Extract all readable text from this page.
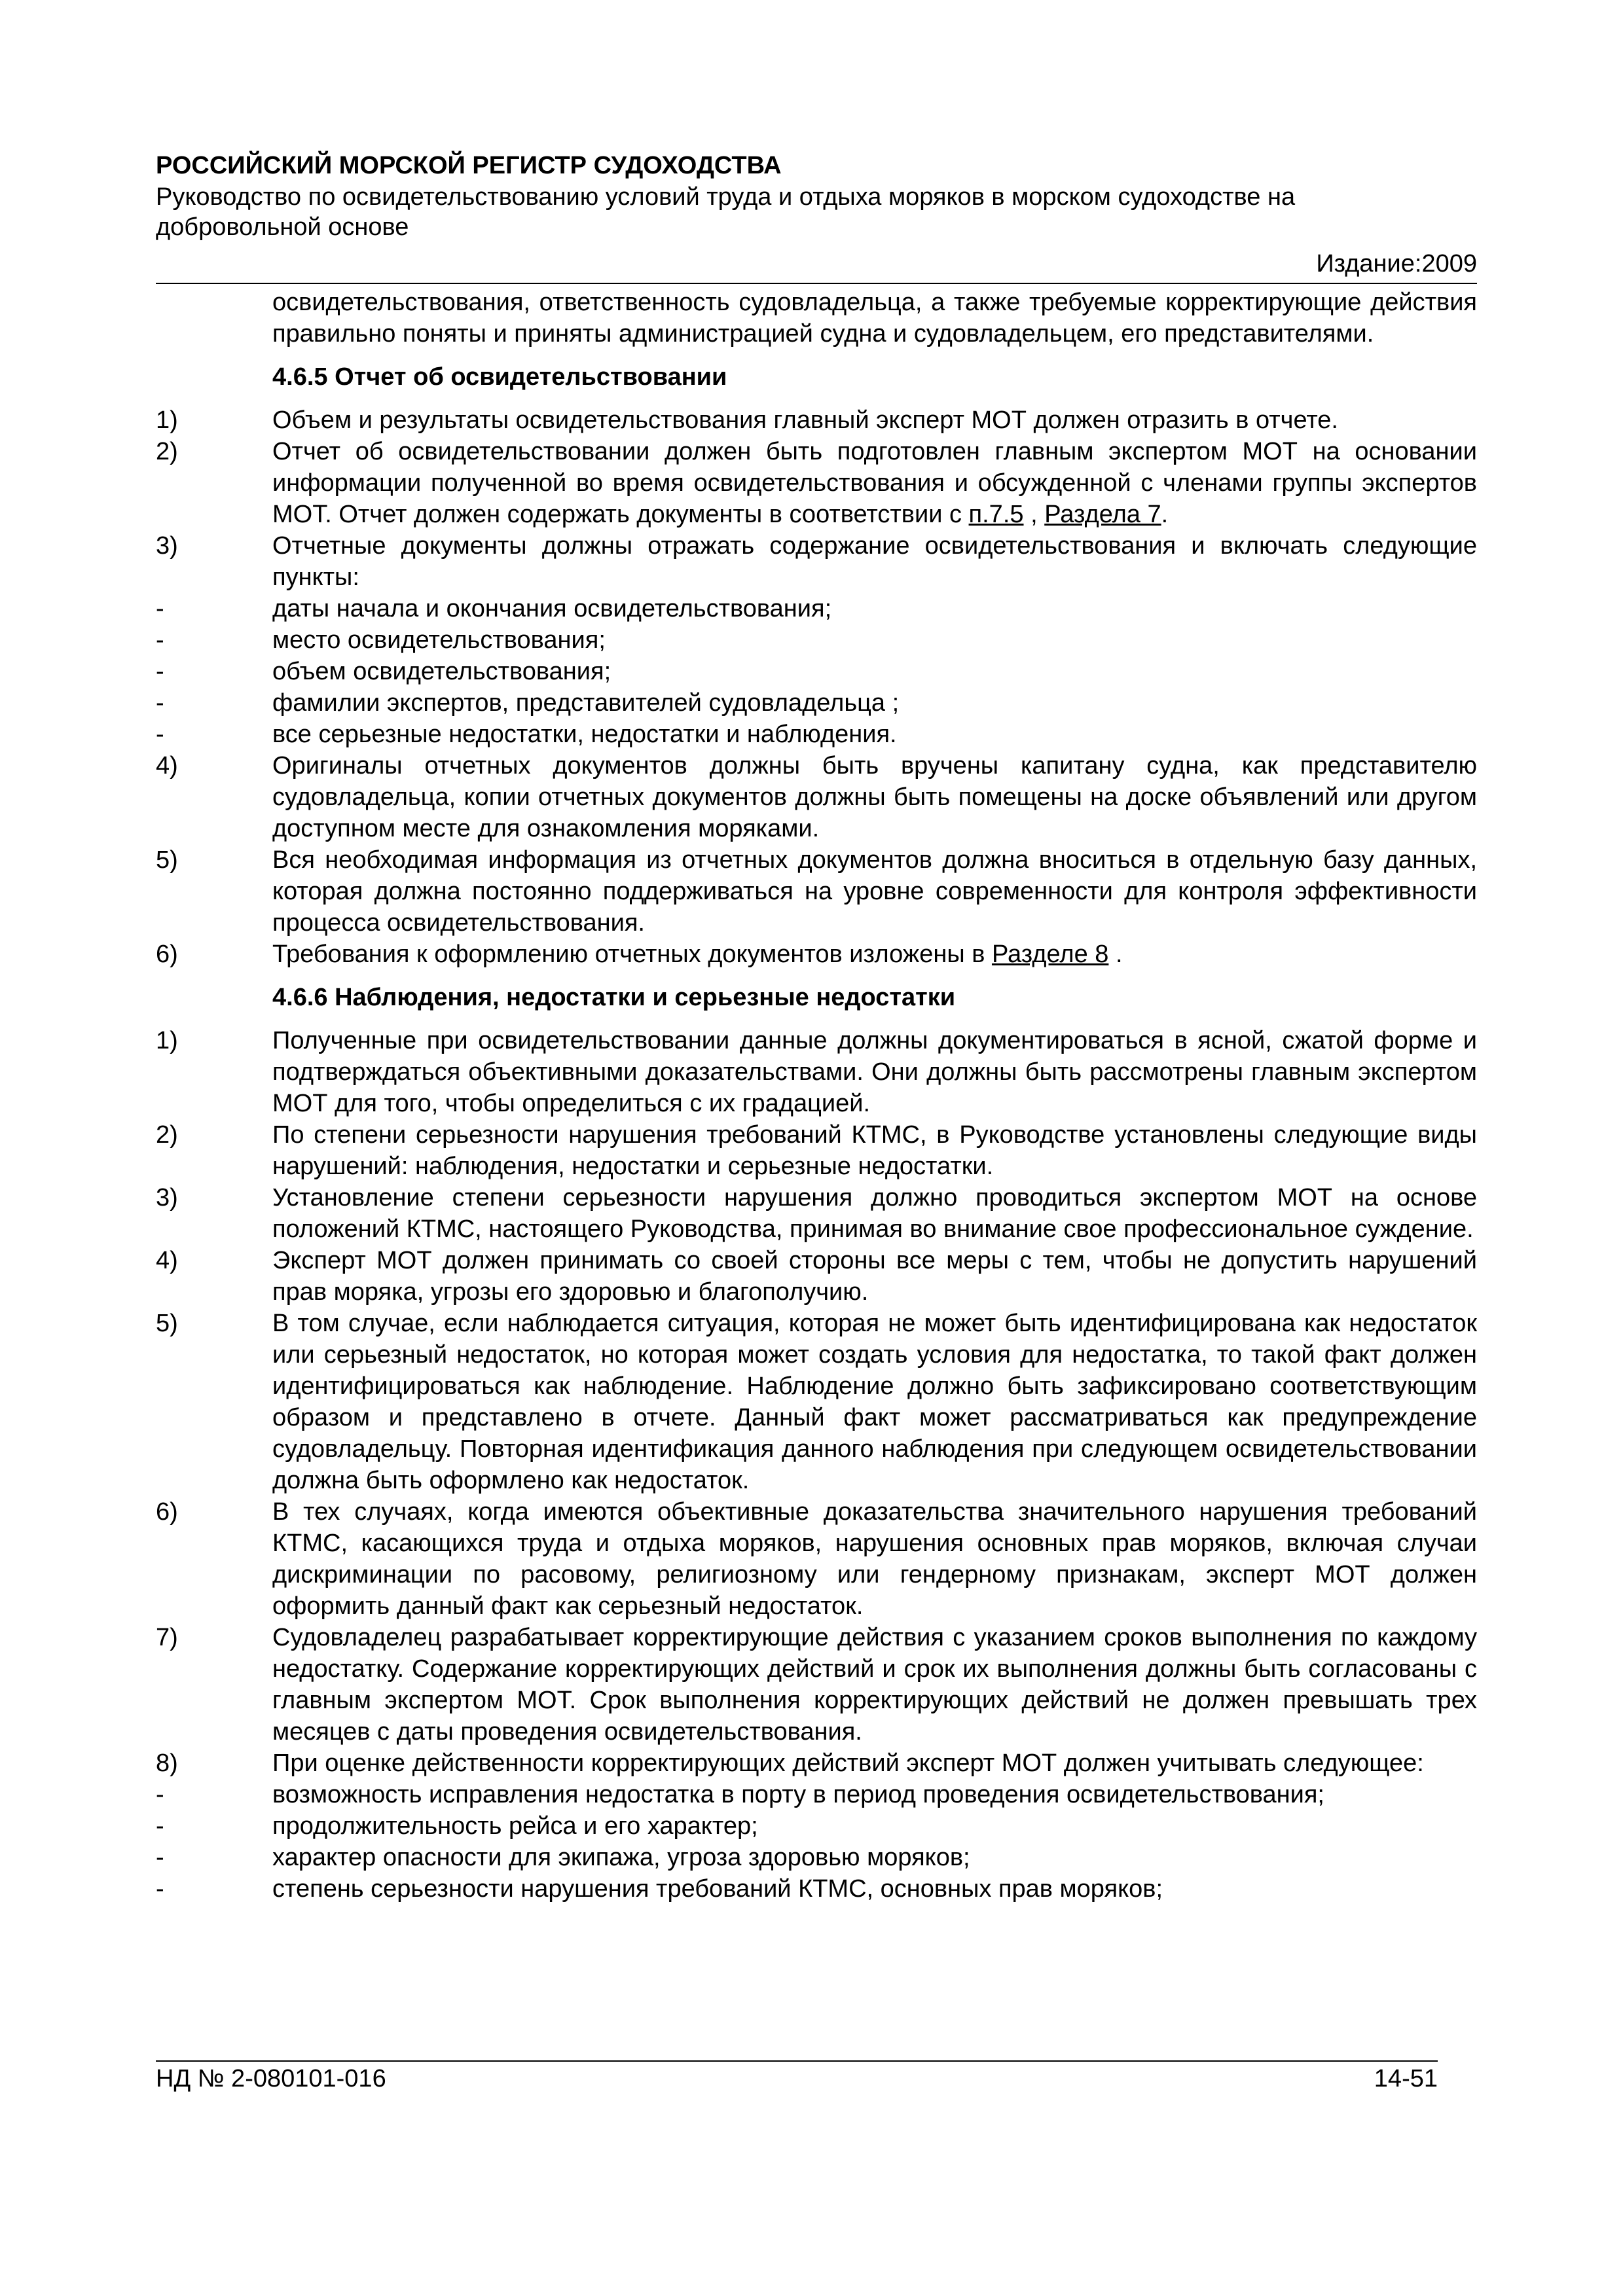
РОССИЙСКИЙ МОРСКОЙ РЕГИСТР СУДОХОДСТВА

Руководство по освидетельствованию условий труда и отдыха моряков в морском судоходстве на

добровольной основе

Издание:2009

освидетельствования, ответственность судовладельца, а также требуемые корректирующие действия правильно поняты и приняты администрацией судна и судовладельцем, его представителями.

4.6.5 Отчет об освидетельствовании
1)	Объем и результаты освидетельствования главный эксперт МОТ должен отразить в отчете.
2)	Отчет об освидетельствовании должен быть подготовлен главным экспертом МОТ на основании информации полученной во время освидетельствования и обсужденной с членами группы экспертов МОТ. Отчет должен содержать документы в соответствии с п.7.5 , Раздела 7.
3)	Отчетные документы должны отражать содержание освидетельствования и включать следующие пункты:
-	даты начала и окончания освидетельствования;
-	место освидетельствования;
-	объем освидетельствования;
-	фамилии экспертов, представителей судовладельца ;
-	все серьезные недостатки, недостатки и наблюдения.
4)	Оригиналы отчетных документов должны быть вручены капитану судна, как представителю судовладельца, копии отчетных документов должны быть помещены на доске объявлений или другом доступном месте для ознакомления моряками.
5)	Вся необходимая информация из отчетных документов должна вноситься в отдельную базу данных, которая должна постоянно поддерживаться на уровне современности для контроля эффективности процесса освидетельствования.
6)	Требования к оформлению отчетных документов изложены в Разделе 8 .
4.6.6 Наблюдения, недостатки и серьезные недостатки
1)	Полученные при освидетельствовании данные должны документироваться в ясной, сжатой форме и подтверждаться объективными доказательствами. Они должны быть рассмотрены главным экспертом МОТ для того, чтобы определиться с их градацией.
2)	По степени серьезности нарушения требований КТМС, в Руководстве установлены следующие виды нарушений: наблюдения, недостатки и серьезные недостатки.
3)	Установление степени серьезности нарушения должно проводиться экспертом МОТ на основе положений КТМС, настоящего Руководства, принимая во внимание свое профессиональное суждение.
4)	Эксперт МОТ должен принимать со своей стороны все меры с тем, чтобы не допустить нарушений прав моряка, угрозы его здоровью и благополучию.
5)	В том случае, если наблюдается ситуация, которая не может быть идентифицирована как недостаток или серьезный недостаток, но которая может создать условия для недостатка, то такой факт должен идентифицироваться как наблюдение. Наблюдение должно быть зафиксировано соответствующим образом и представлено в отчете. Данный факт может рассматриваться как предупреждение судовладельцу. Повторная идентификация данного наблюдения при следующем освидетельствовании должна быть оформлено как недостаток.
6)	В тех случаях, когда имеются объективные доказательства значительного нарушения требований КТМС, касающихся труда и отдыха моряков, нарушения основных прав моряков, включая случаи дискриминации по расовому, религиозному или гендерному признакам, эксперт МОТ должен оформить данный факт как серьезный недостаток.
7)	Судовладелец разрабатывает корректирующие действия с указанием сроков выполнения по каждому недостатку. Содержание корректирующих действий и срок их выполнения должны быть согласованы с главным экспертом МОТ. Срок выполнения корректирующих действий не должен превышать трех месяцев с даты проведения освидетельствования.
8)	При оценке действенности корректирующих действий эксперт МОТ должен учитывать следующее:
-	возможность исправления недостатка в порту в период проведения освидетельствования;
-	продолжительность рейса и его характер;
-	характер опасности для экипажа, угроза здоровью моряков;
-	степень серьезности нарушения требований КТМС, основных прав моряков;
НД № 2-080101-016	14-51
